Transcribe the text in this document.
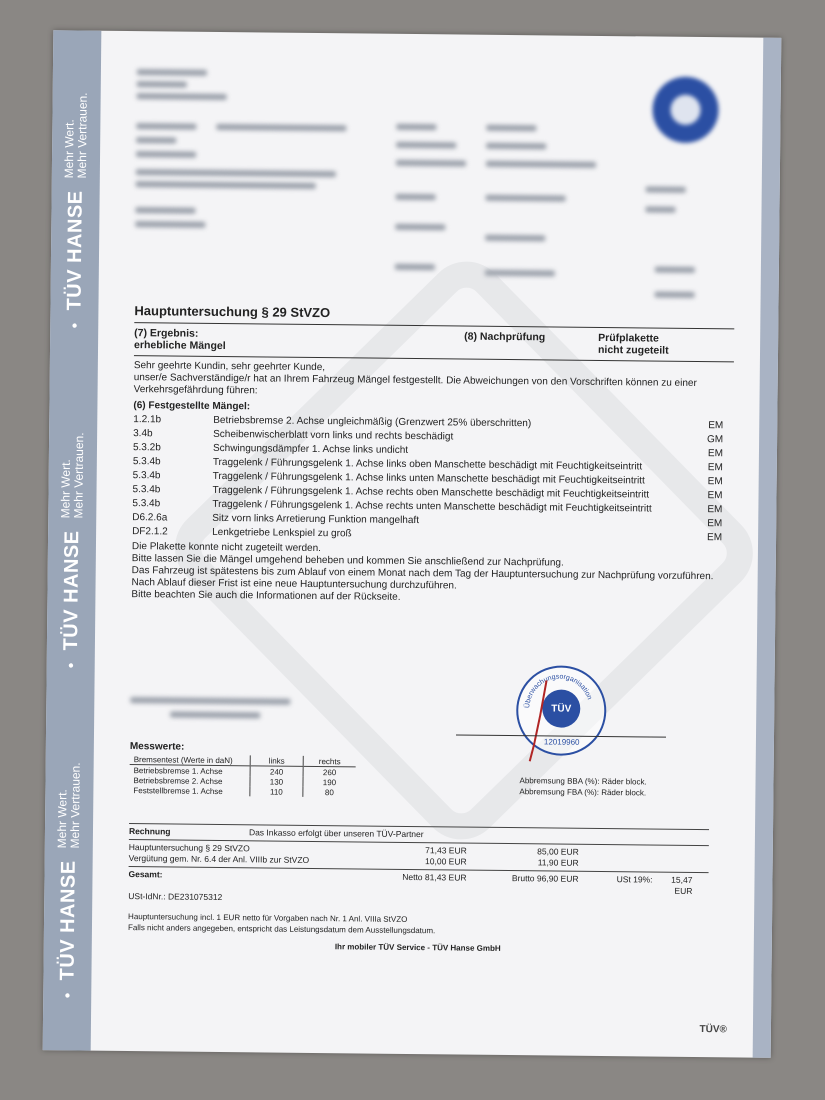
●
TÜV HANSE
Mehr Wert.
Mehr Vertrauen.
●
TÜV HANSE
Mehr Wert.
Mehr Vertrauen.
●
TÜV HANSE
Mehr Wert.
Mehr Vertrauen.

Hauptuntersuchung § 29 StVZO

(7) Ergebnis:
erhebliche Mängel
(8) Nachprüfung	Prüfplakette
nicht zugeteilt
Sehr geehrte Kundin, sehr geehrter Kunde,
unser/e Sachverständige/r hat an Ihrem Fahrzeug Mängel festgestellt. Die Abweichungen von den Vorschriften können zu einer Verkehrsgefährdung führen:
(6) Festgestellte Mängel:
1.2.1b	Betriebsbremse 2. Achse ungleichmäßig (Grenzwert 25% überschritten)	EM
3.4b	Scheibenwischerblatt vorn links und rechts beschädigt	GM
5.3.2b	Schwingungsdämpfer 1. Achse links undicht	EM
5.3.4b	Traggelenk / Führungsgelenk 1. Achse links oben Manschette beschädigt mit Feuchtigkeitseintritt	EM
5.3.4b	Traggelenk / Führungsgelenk 1. Achse links unten Manschette beschädigt mit Feuchtigkeitseintritt	EM
5.3.4b	Traggelenk / Führungsgelenk 1. Achse rechts oben Manschette beschädigt mit Feuchtigkeitseintritt	EM
5.3.4b	Traggelenk / Führungsgelenk 1. Achse rechts unten Manschette beschädigt mit Feuchtigkeitseintritt	EM
D6.2.6a	Sitz vorn links Arretierung Funktion mangelhaft	EM
DF2.1.2	Lenkgetriebe Lenkspiel zu groß	EM
Die Plakette konnte nicht zugeteilt werden.
Bitte lassen Sie die Mängel umgehend beheben und kommen Sie anschließend zur Nachprüfung.
Das Fahrzeug ist spätestens bis zum Ablauf von einem Monat nach dem Tag der Hauptuntersuchung zur Nachprüfung vorzuführen. Nach Ablauf dieser Frist ist eine neue Hauptuntersuchung durchzuführen.
Bitte beachten Sie auch die Informationen auf der Rückseite.
Überwachungsorganisation
TÜV
12019960
Messwerte:
Bremsentest (Werte in daN)	links	rechts
Betriebsbremse 1. Achse	240	260
Betriebsbremse 2. Achse	130	190
Feststellbremse 1. Achse	110	80
Abbremsung BBA (%): Räder block.
Abbremsung FBA (%): Räder block.
Rechnung	Das Inkasso erfolgt über unseren TÜV-Partner
Hauptuntersuchung § 29 StVZO	71,43 EUR	85,00 EUR
Vergütung gem. Nr. 6.4 der Anl. VIIIb zur StVZO	10,00 EUR	11,90 EUR
Gesamt:	Netto 81,43 EUR	Brutto 96,90 EUR	USt 19%:	15,47 EUR
USt-IdNr.: DE231075312
Hauptuntersuchung incl. 1 EUR netto für Vorgaben nach Nr. 1 Anl. VIIIa StVZO
Falls nicht anders angegeben, entspricht das Leistungsdatum dem Ausstellungsdatum.
Ihr mobiler TÜV Service - TÜV Hanse GmbH
TÜV®
